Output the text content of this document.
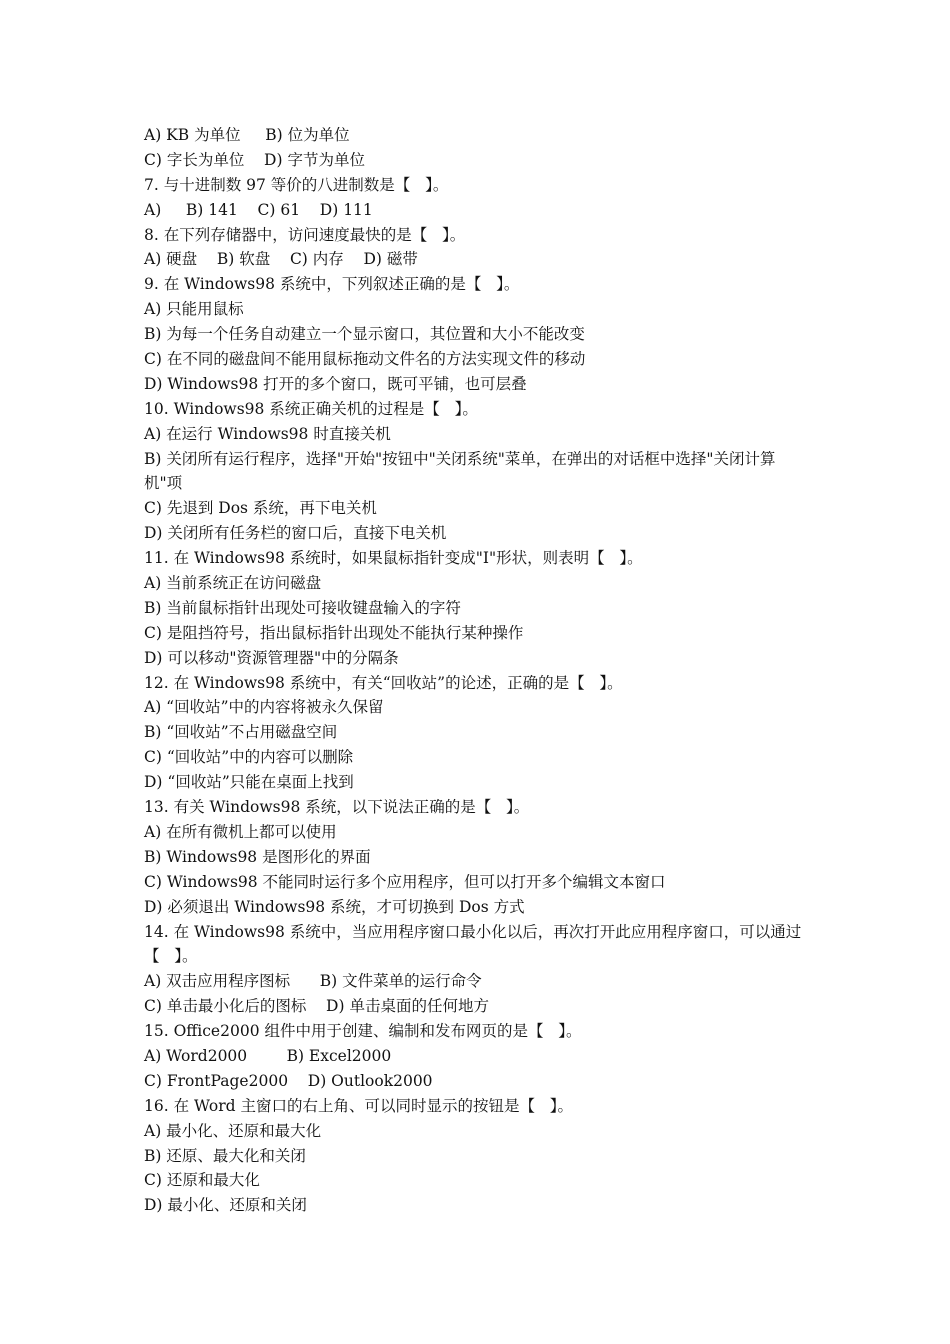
A) KB 为单位     B) 位为单位
C) 字长为单位    D) 字节为单位
7. 与十进制数 97 等价的八进制数是【   】。
A)     B) 141    C) 61    D) 111
8. 在下列存储器中，访问速度最快的是【   】。
A) 硬盘    B) 软盘    C) 内存    D) 磁带
9. 在 Windows98 系统中，下列叙述正确的是【   】。
A) 只能用鼠标
B) 为每一个任务自动建立一个显示窗口，其位置和大小不能改变
C) 在不同的磁盘间不能用鼠标拖动文件名的方法实现文件的移动
D) Windows98 打开的多个窗口，既可平铺，也可层叠
10. Windows98 系统正确关机的过程是【   】。
A) 在运行 Windows98 时直接关机
B) 关闭所有运行程序，选择"开始"按钮中"关闭系统"菜单，在弹出的对话框中选择"关闭计算
机"项
C) 先退到 Dos 系统，再下电关机
D) 关闭所有任务栏的窗口后，直接下电关机
11. 在 Windows98 系统时，如果鼠标指针变成"I"形状，则表明【   】。
A) 当前系统正在访问磁盘
B) 当前鼠标指针出现处可接收键盘输入的字符
C) 是阻挡符号，指出鼠标指针出现处不能执行某种操作
D) 可以移动"资源管理器"中的分隔条
12. 在 Windows98 系统中，有关“回收站”的论述，正确的是【   】。
A) “回收站”中的内容将被永久保留
B) “回收站”不占用磁盘空间
C) “回收站”中的内容可以删除
D) “回收站”只能在桌面上找到
13. 有关 Windows98 系统，以下说法正确的是【   】。
A) 在所有微机上都可以使用
B) Windows98 是图形化的界面
C) Windows98 不能同时运行多个应用程序，但可以打开多个编辑文本窗口
D) 必须退出 Windows98 系统，才可切换到 Dos 方式
14. 在 Windows98 系统中，当应用程序窗口最小化以后，再次打开此应用程序窗口，可以通过
【   】。
A) 双击应用程序图标      B) 文件菜单的运行命令
C) 单击最小化后的图标    D) 单击桌面的任何地方
15. Office2000 组件中用于创建、编制和发布网页的是【   】。
A) Word2000        B) Excel2000
C) FrontPage2000    D) Outlook2000
16. 在 Word 主窗口的右上角、可以同时显示的按钮是【   】。
A) 最小化、还原和最大化
B) 还原、最大化和关闭
C) 还原和最大化
D) 最小化、还原和关闭
